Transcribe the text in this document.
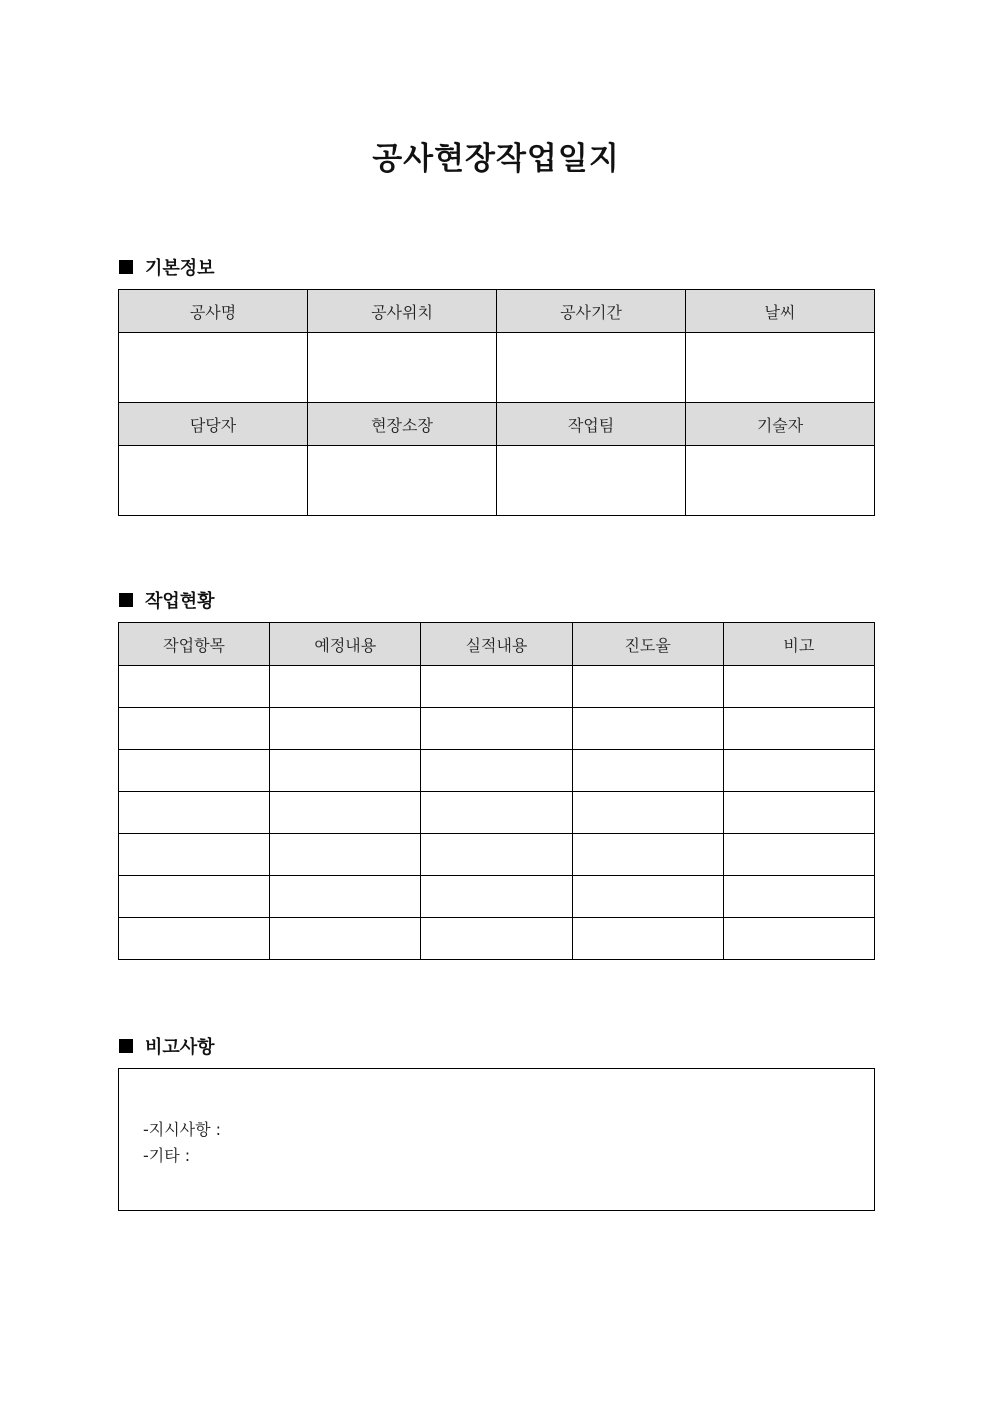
공사현장작업일지
기본정보
공사명	공사위치	공사기간	날씨

담당자	현장소장	작업팀	기술자

작업현황
작업항목	예정내용	실적내용	진도율	비고

비고사항
-지시사항 :
-기타 :
